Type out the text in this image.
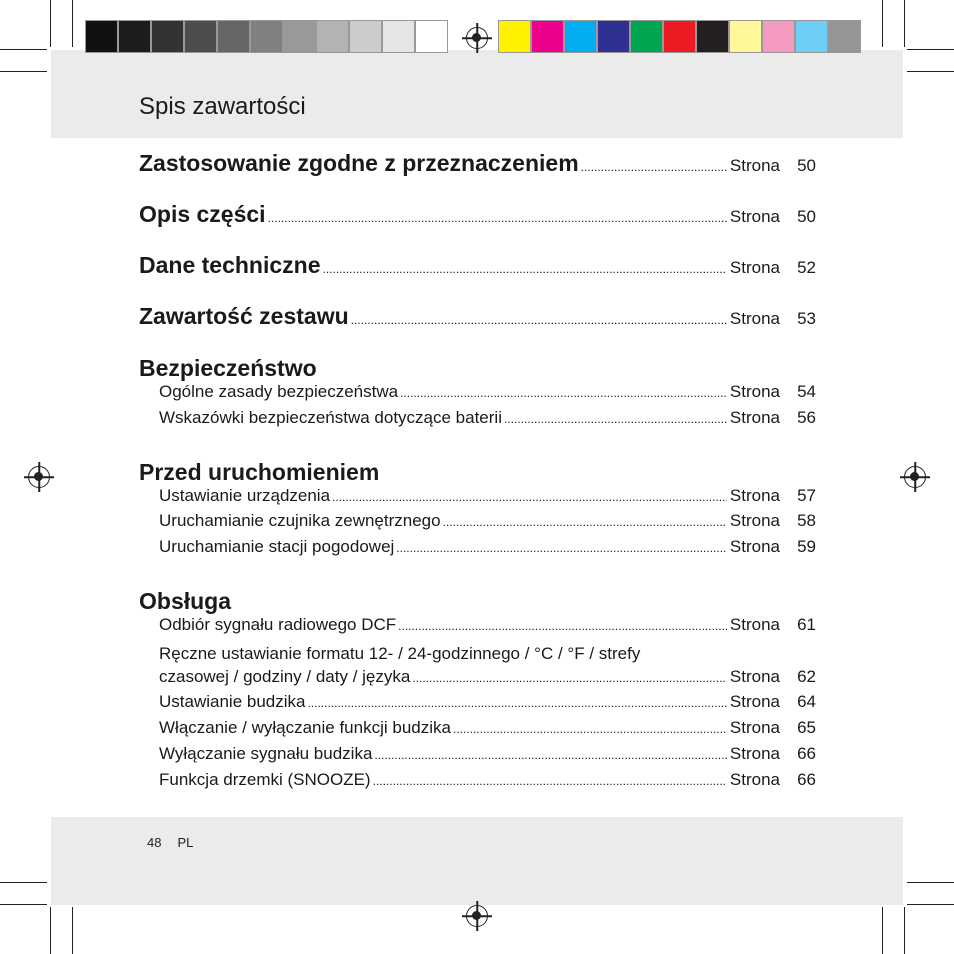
Spis zawartości
Zastosowanie zgodne z przeznaczeniem .....	Strona	50
Opis części .....	Strona	50
Dane techniczne .....	Strona	52
Zawartość zestawu .....	Strona	53
Bezpieczeństwo
Ogólne zasady bezpieczeństwa .....	Strona	54
Wskazówki bezpieczeństwa dotyczące baterii .....	Strona	56
Przed uruchomieniem
Ustawianie urządzenia .....	Strona	57
Uruchamianie czujnika zewnętrznego .....	Strona	58
Uruchamianie stacji pogodowej .....	Strona	59
Obsługa
Odbiór sygnału radiowego DCF .....	Strona	61
Ręczne ustawianie formatu 12- / 24-godzinnego / °C / °F / strefy
czasowej / godziny / daty / języka .....	Strona	62
Ustawianie budzika .....	Strona	64
Włączanie / wyłączanie funkcji budzika .....	Strona	65
Wyłączanie sygnału budzika .....	Strona	66
Funkcja drzemki (SNOOZE) .....	Strona	66
48 PL
